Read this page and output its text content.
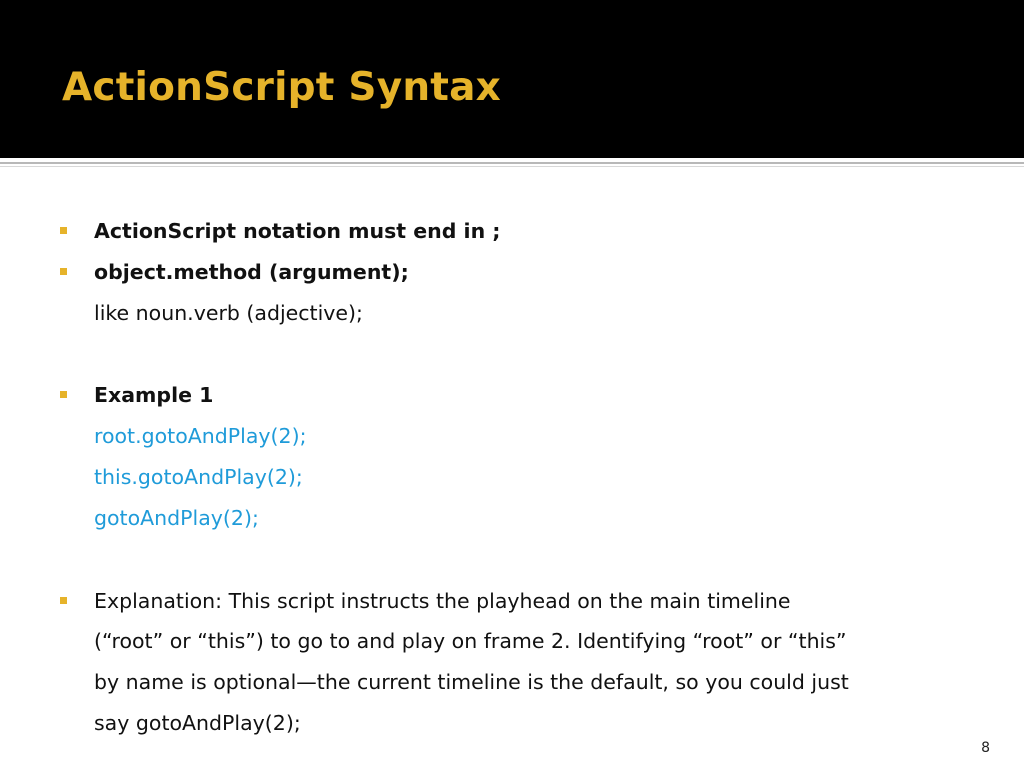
ActionScript Syntax
ActionScript notation must end in ;
object.method (argument);
like noun.verb (adjective);
Example 1
root.gotoAndPlay(2);
this.gotoAndPlay(2);
gotoAndPlay(2);
Explanation: This script instructs the playhead on the main timeline
(“root” or “this”) to go to and play on frame 2. Identifying “root” or “this”
by name is optional—the current timeline is the default, so you could just
say gotoAndPlay(2);
8
